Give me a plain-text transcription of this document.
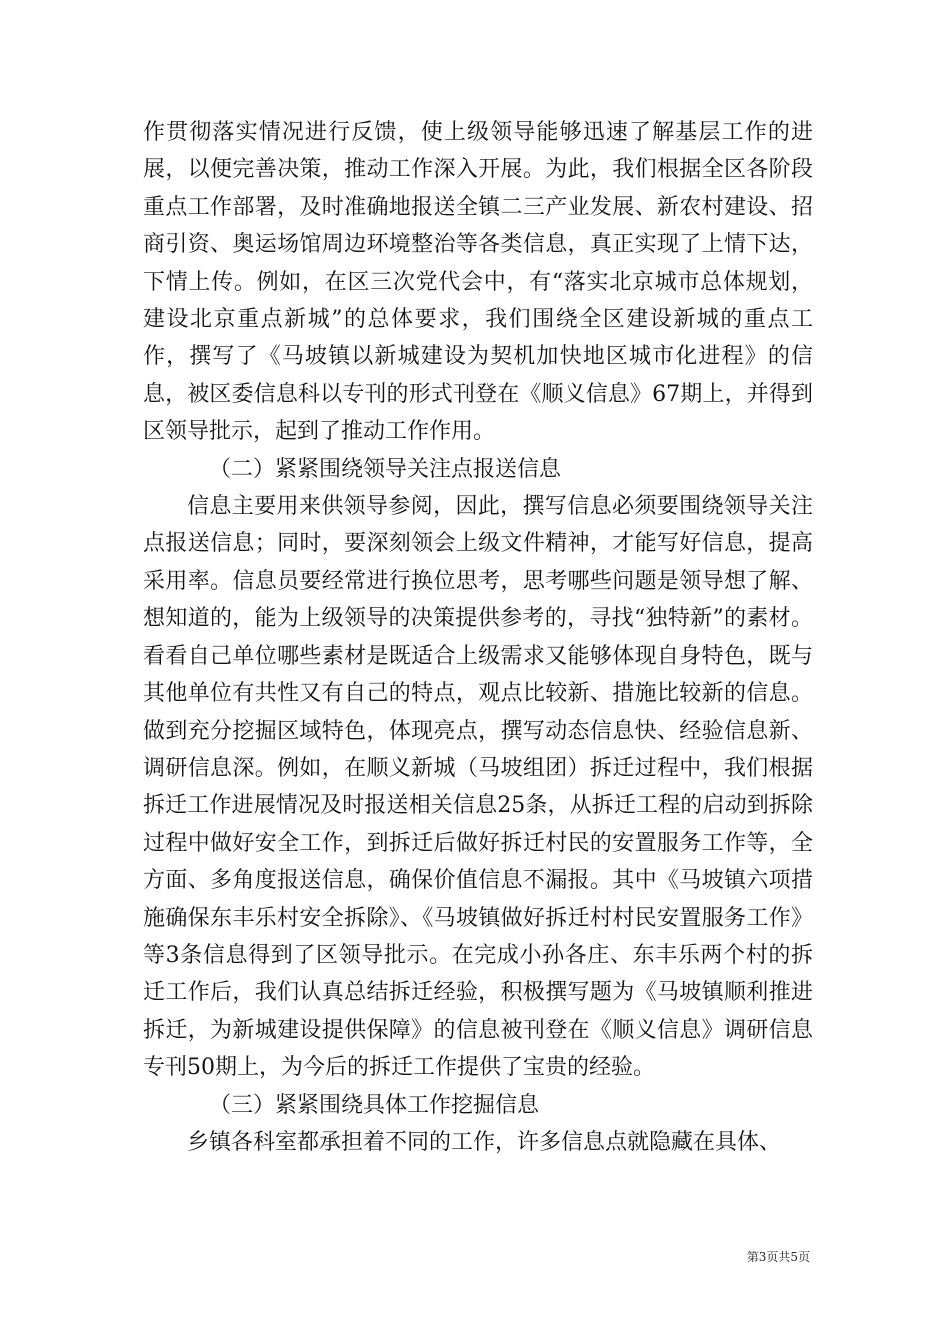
作贯彻落实情况进行反馈，使上级领导能够迅速了解基层工作的进展，以便完善决策，推动工作深入开展。为此，我们根据全区各阶段重点工作部署，及时准确地报送全镇二三产业发展、新农村建设、招商引资、奥运场馆周边环境整治等各类信息，真正实现了上情下达，下情上传。例如，在区三次党代会中，有“落实北京城市总体规划，建设北京重点新城”的总体要求，我们围绕全区建设新城的重点工作，撰写了《马坡镇以新城建设为契机加快地区城市化进程》的信息，被区委信息科以专刊的形式刊登在《顺义信息》67期上，并得到区领导批示，起到了推动工作作用。

（二）紧紧围绕领导关注点报送信息

信息主要用来供领导参阅，因此，撰写信息必须要围绕领导关注点报送信息；同时，要深刻领会上级文件精神，才能写好信息，提高采用率。信息员要经常进行换位思考，思考哪些问题是领导想了解、想知道的，能为上级领导的决策提供参考的，寻找“独特新”的素材。看看自己单位哪些素材是既适合上级需求又能够体现自身特色，既与其他单位有共性又有自己的特点，观点比较新、措施比较新的信息。做到充分挖掘区域特色，体现亮点，撰写动态信息快、经验信息新、调研信息深。例如，在顺义新城（马坡组团）拆迁过程中，我们根据拆迁工作进展情况及时报送相关信息25条，从拆迁工程的启动到拆除过程中做好安全工作，到拆迁后做好拆迁村民的安置服务工作等，全方面、多角度报送信息，确保价值信息不漏报。其中《马坡镇六项措施确保东丰乐村安全拆除》、《马坡镇做好拆迁村村民安置服务工作》等3条信息得到了区领导批示。在完成小孙各庄、东丰乐两个村的拆迁工作后，我们认真总结拆迁经验，积极撰写题为《马坡镇顺利推进拆迁，为新城建设提供保障》的信息被刊登在《顺义信息》调研信息专刊50期上，为今后的拆迁工作提供了宝贵的经验。

（三）紧紧围绕具体工作挖掘信息

乡镇各科室都承担着不同的工作，许多信息点就隐藏在具体、

第3页共5页
